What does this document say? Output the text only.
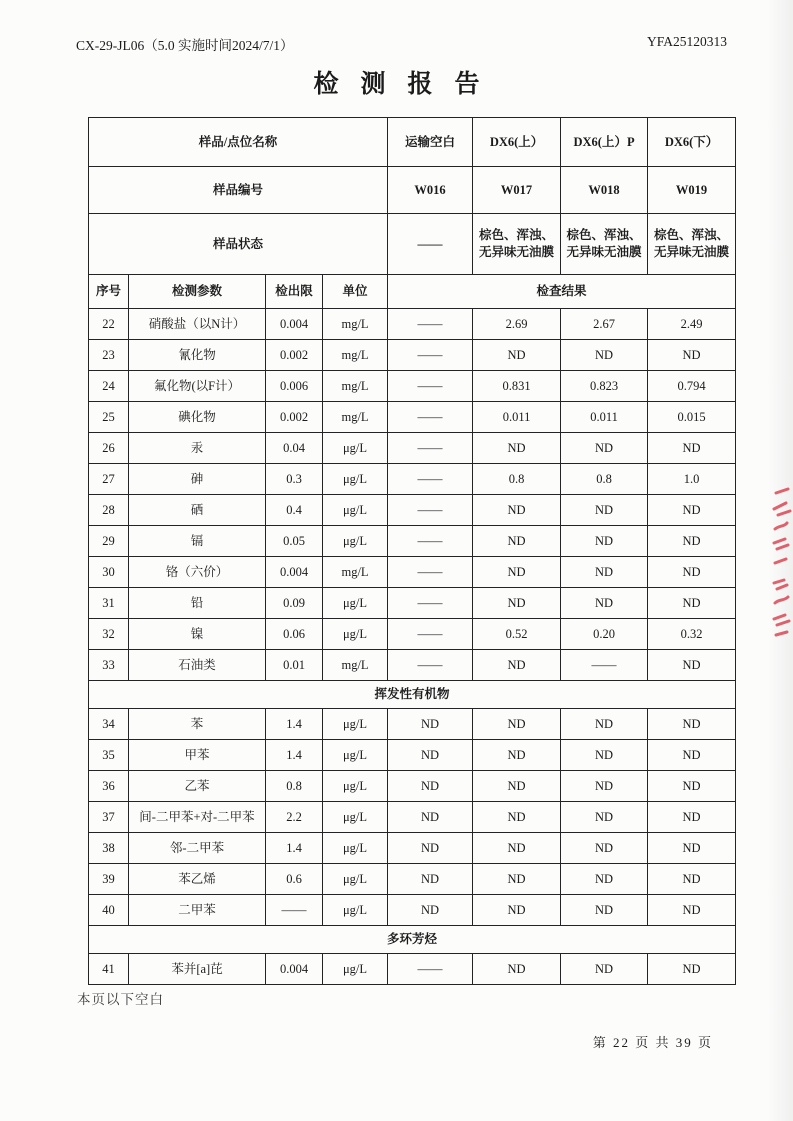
CX-29-JL06（5.0 实施时间2024/7/1）	YFA25120313
检测报告
样品/点位名称				运输空白	DX6(上）	DX6(上）P	DX6(下）
样品编号				W016	W017	W018	W019
样品状态				——	棕色、浑浊、无异味无油膜	棕色、浑浊、无异味无油膜	棕色、浑浊、无异味无油膜
序号	检测参数	检出限	单位	检查结果			
22	硝酸盐（以N计）	0.004	mg/L	——	2.69	2.67	2.49
23	氰化物	0.002	mg/L	——	ND	ND	ND
24	氟化物(以F计）	0.006	mg/L	——	0.831	0.823	0.794
25	碘化物	0.002	mg/L	——	0.011	0.011	0.015
26	汞	0.04	μg/L	——	ND	ND	ND
27	砷	0.3	μg/L	——	0.8	0.8	1.0
28	硒	0.4	μg/L	——	ND	ND	ND
29	镉	0.05	μg/L	——	ND	ND	ND
30	铬（六价）	0.004	mg/L	——	ND	ND	ND
31	铅	0.09	μg/L	——	ND	ND	ND
32	镍	0.06	μg/L	——	0.52	0.20	0.32
33	石油类	0.01	mg/L	——	ND	——	ND
挥发性有机物							
34	苯	1.4	μg/L	ND	ND	ND	ND
35	甲苯	1.4	μg/L	ND	ND	ND	ND
36	乙苯	0.8	μg/L	ND	ND	ND	ND
37	间-二甲苯+对-二甲苯	2.2	μg/L	ND	ND	ND	ND
38	邻-二甲苯	1.4	μg/L	ND	ND	ND	ND
39	苯乙烯	0.6	μg/L	ND	ND	ND	ND
40	二甲苯	——	μg/L	ND	ND	ND	ND
多环芳烃							
41	苯并[a]芘	0.004	μg/L	——	ND	ND	ND
本页以下空白
第 22 页 共 39 页
